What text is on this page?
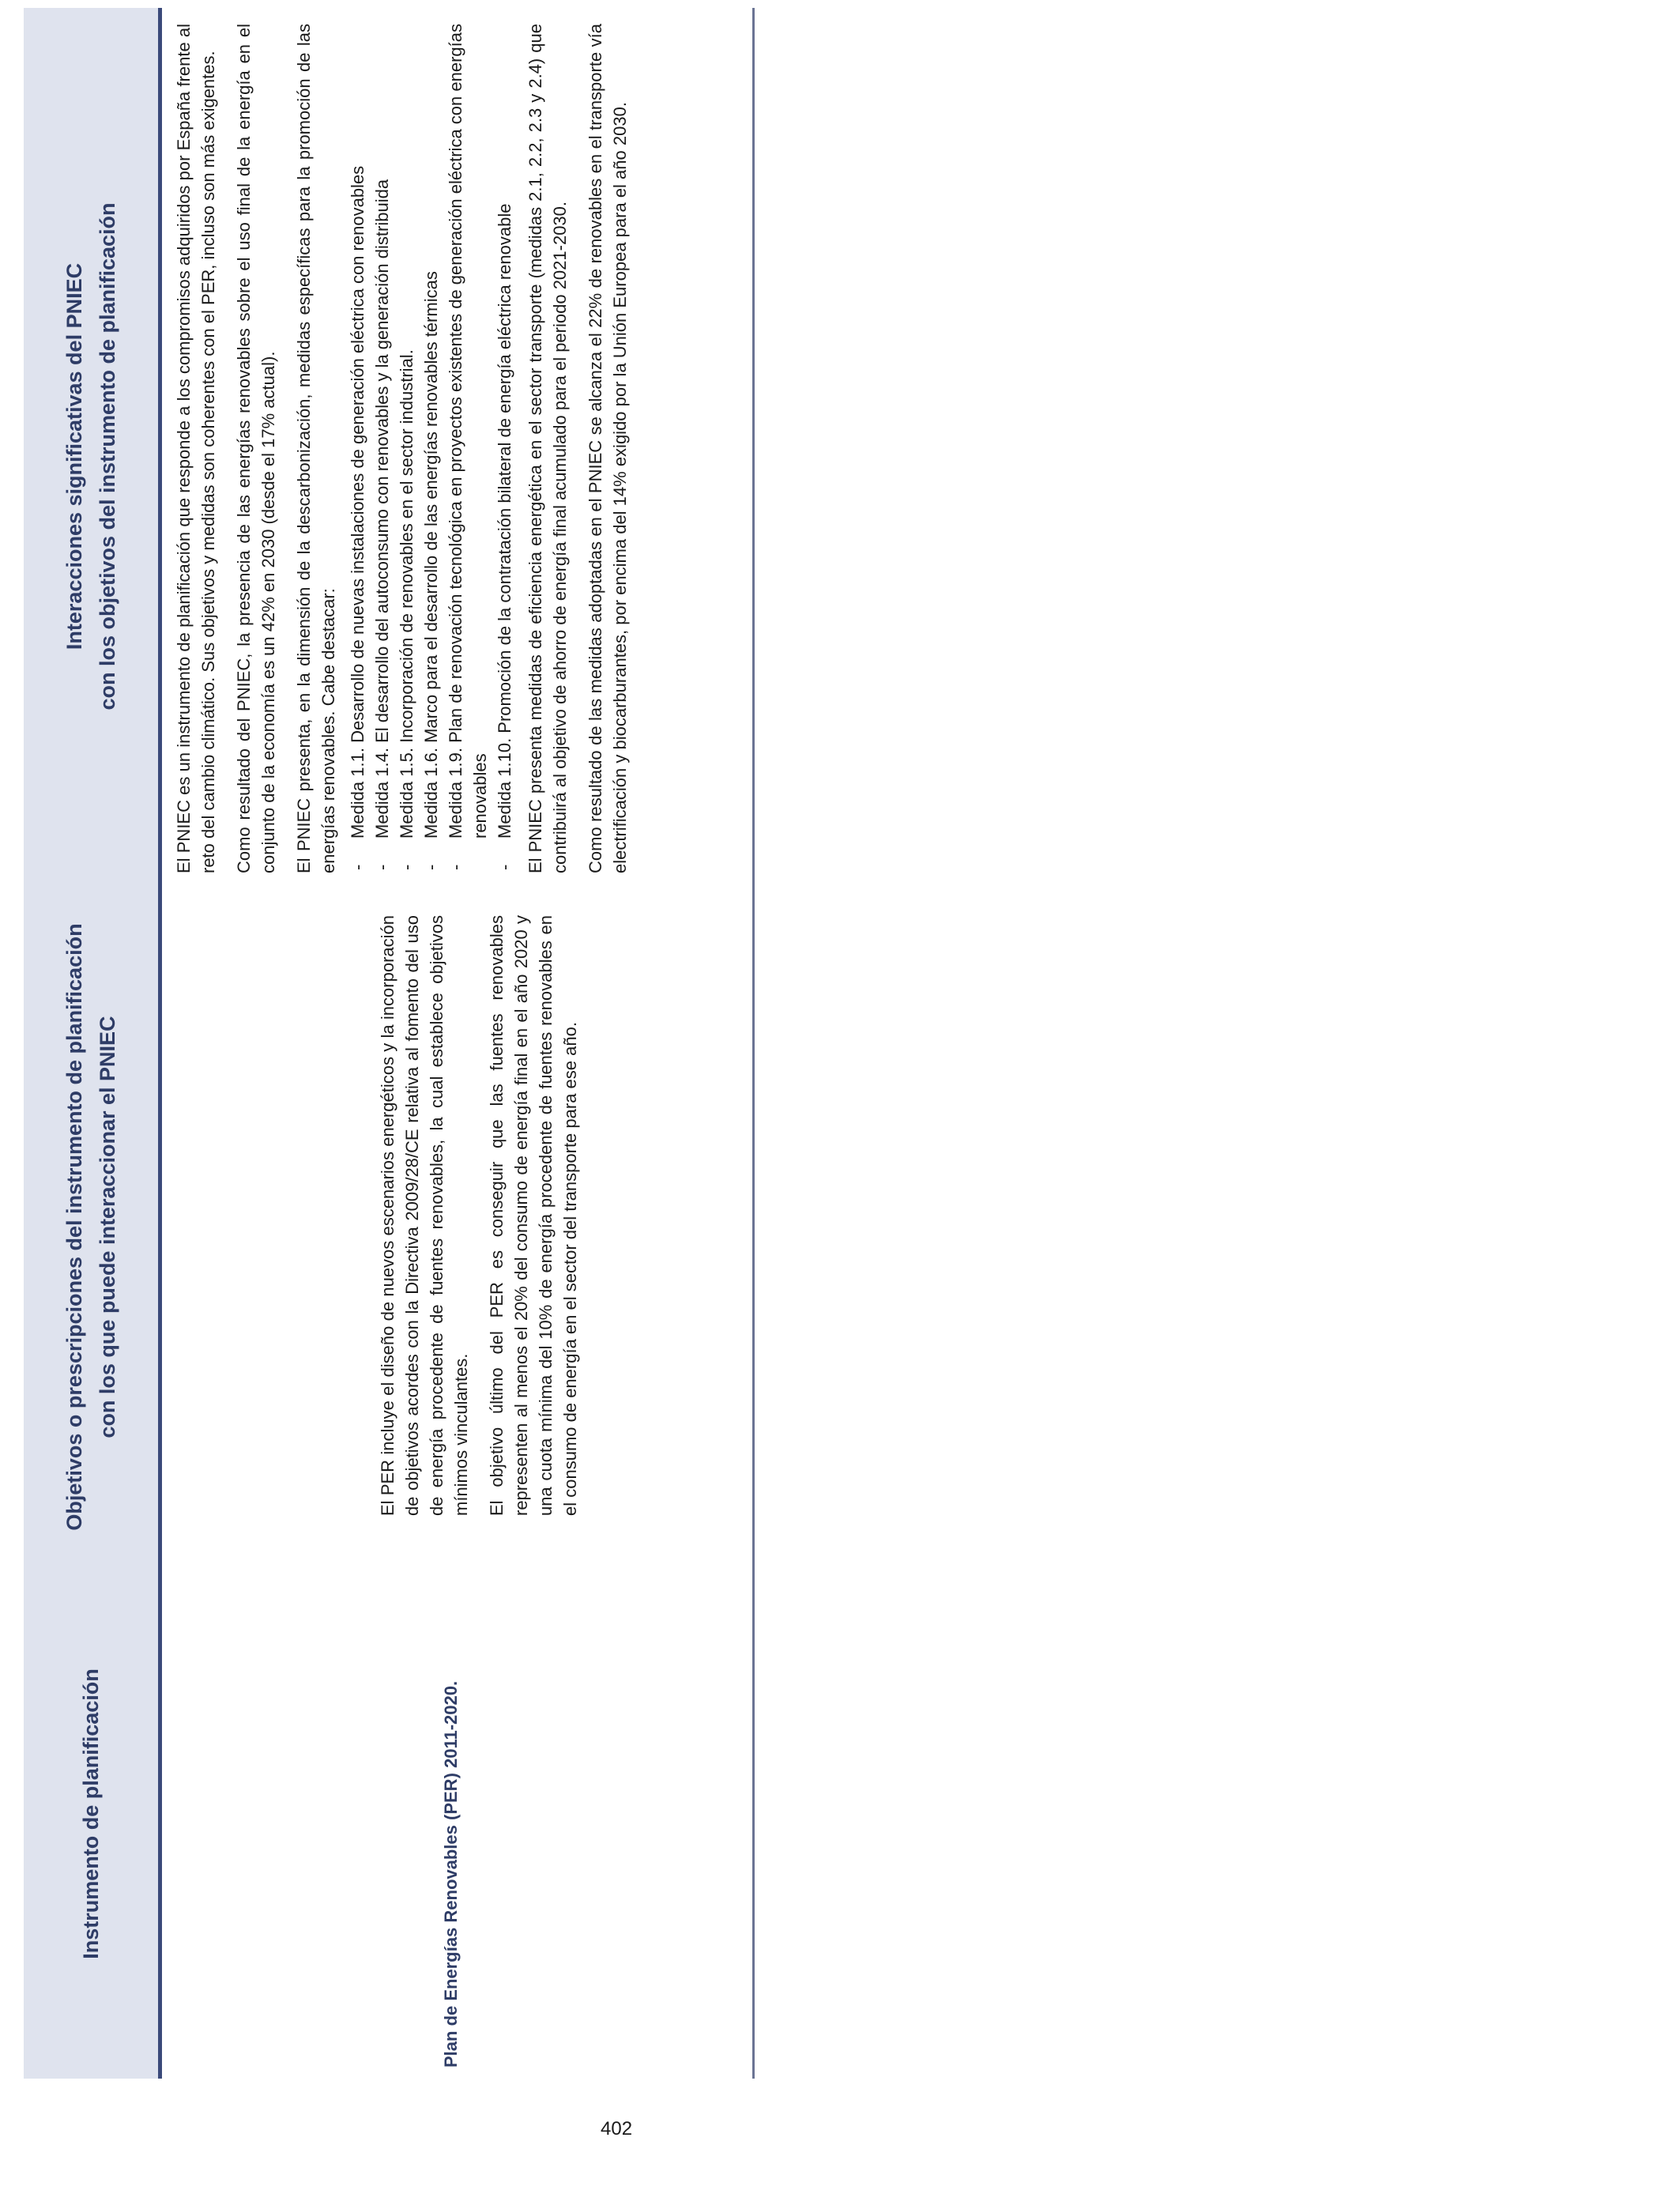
Instrumento de planificación
Objetivos o prescripciones del instrumento de planificación con los que puede interaccionar el PNIEC
Interacciones significativas del PNIEC con los objetivos del instrumento de planificación
Plan de Energías Renovables (PER) 2011-2020.

El PER incluye el diseño de nuevos escenarios energéticos y la incorporación de objetivos acordes con la Directiva 2009/28/CE relativa al fomento del uso de energía procedente de fuentes renovables, la cual establece objetivos mínimos vinculantes. El objetivo último del PER es conseguir que las fuentes renovables representen al menos el 20% del consumo de energía final en el año 2020 y una cuota mínima del 10% de energía procedente de fuentes renovables en el consumo de energía en el sector del transporte para ese año.

El PNIEC es un instrumento de planificación que responde a los compromisos adquiridos por España frente al reto del cambio climático. Sus objetivos y medidas son coherentes con el PER, incluso son más exigentes. Como resultado del PNIEC, la presencia de las energías renovables sobre el uso final de la energía en el conjunto de la economía es un 42% en 2030 (desde el 17% actual). El PNIEC presenta, en la dimensión de la descarbonización, medidas específicas para la promoción de las energías renovables. Cabe destacar: - Medida 1.1. Desarrollo de nuevas instalaciones de generación eléctrica con renovables - Medida 1.4. El desarrollo del autoconsumo con renovables y la generación distribuida - Medida 1.5. Incorporación de renovables en el sector industrial. - Medida 1.6. Marco para el desarrollo de las energías renovables térmicas - Medida 1.9. Plan de renovación tecnológica en proyectos existentes de generación eléctrica con energías renovables - Medida 1.10. Promoción de la contratación bilateral de energía eléctrica renovable El PNIEC presenta medidas de eficiencia energética en el sector transporte (medidas 2.1, 2.2, 2.3 y 2.4) que contribuirá al objetivo de ahorro de energía final acumulado para el periodo 2021-2030. Como resultado de las medidas adoptadas en el PNIEC se alcanza el 22% de renovables en el transporte vía electrificación y biocarburantes, por encima del 14% exigido por la Unión Europea para el año 2030.

402
